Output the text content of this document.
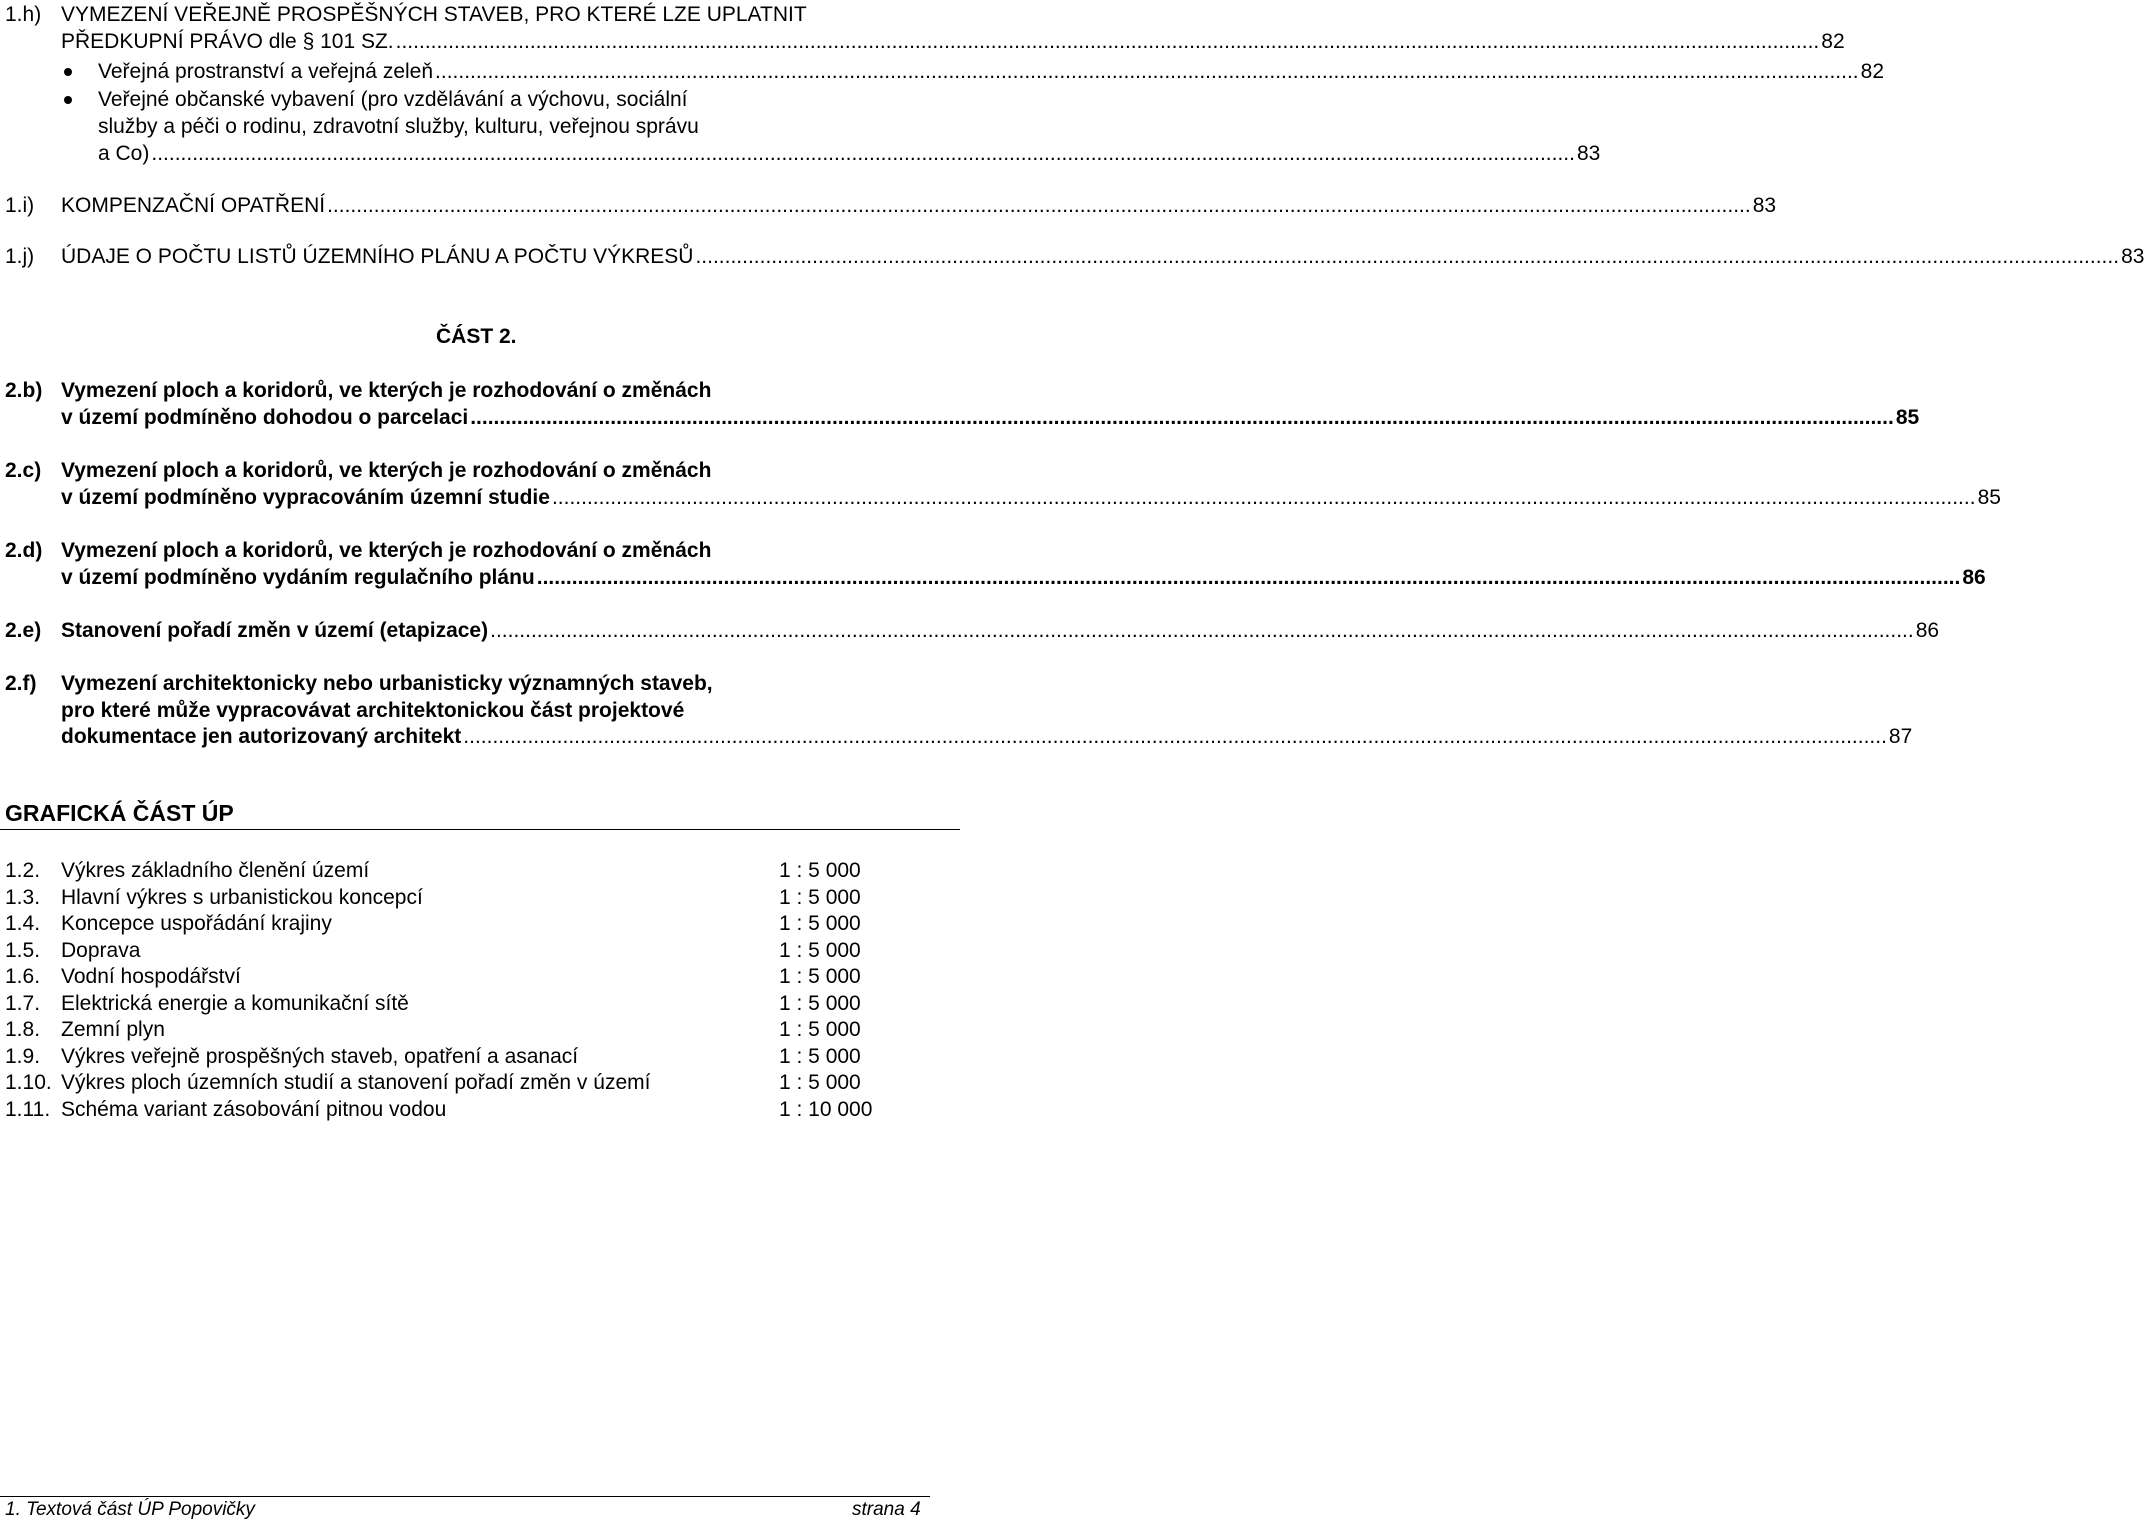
1.h) VYMEZENÍ VEŘEJNĚ PROSPĚŠNÝCH STAVEB, PRO KTERÉ LZE UPLATNIT
PŘEDKUPNÍ PRÁVO dle § 101 SZ. .....	82
Veřejná prostranství a veřejná zeleň .....	82
Veřejné občanské vybavení (pro vzdělávání a výchovu, sociální
služby a péči o rodinu, zdravotní služby, kulturu, veřejnou správu
a Co) .....	83
1.i) KOMPENZAČNÍ OPATŘENÍ .....	83
1.j) ÚDAJE O POČTU LISTŮ ÚZEMNÍHO PLÁNU A POČTU VÝKRESŮ .....	83
ČÁST 2.
2.b) Vymezení ploch a koridorů, ve kterých je rozhodování o změnách
v území podmíněno dohodou o parcelaci .....	85
2.c) Vymezení ploch a koridorů, ve kterých je rozhodování o změnách
v území podmíněno vypracováním územní studie .....	85
2.d) Vymezení ploch a koridorů, ve kterých je rozhodování o změnách
v území podmíněno vydáním regulačního plánu .....	86
2.e) Stanovení pořadí změn v území (etapizace) .....	86
2.f) Vymezení architektonicky nebo urbanisticky významných staveb,
pro které může vypracovávat architektonickou část projektové
dokumentace jen autorizovaný architekt .....	87
GRAFICKÁ ČÁST ÚP
1.2. Výkres základního členění území	1 : 5 000
1.3. Hlavní výkres s urbanistickou koncepcí	1 : 5 000
1.4. Koncepce uspořádání krajiny	1 : 5 000
1.5. Doprava	1 : 5 000
1.6. Vodní hospodářství	1 : 5 000
1.7. Elektrická energie a komunikační sítě	1 : 5 000
1.8. Zemní plyn	1 : 5 000
1.9. Výkres veřejně prospěšných staveb, opatření a asanací	1 : 5 000
1.10. Výkres ploch územních studií a stanovení pořadí změn v území	1 : 5 000
1.11. Schéma variant zásobování pitnou vodou	1 : 10 000
1. Textová část ÚP Popovičky	strana 4
